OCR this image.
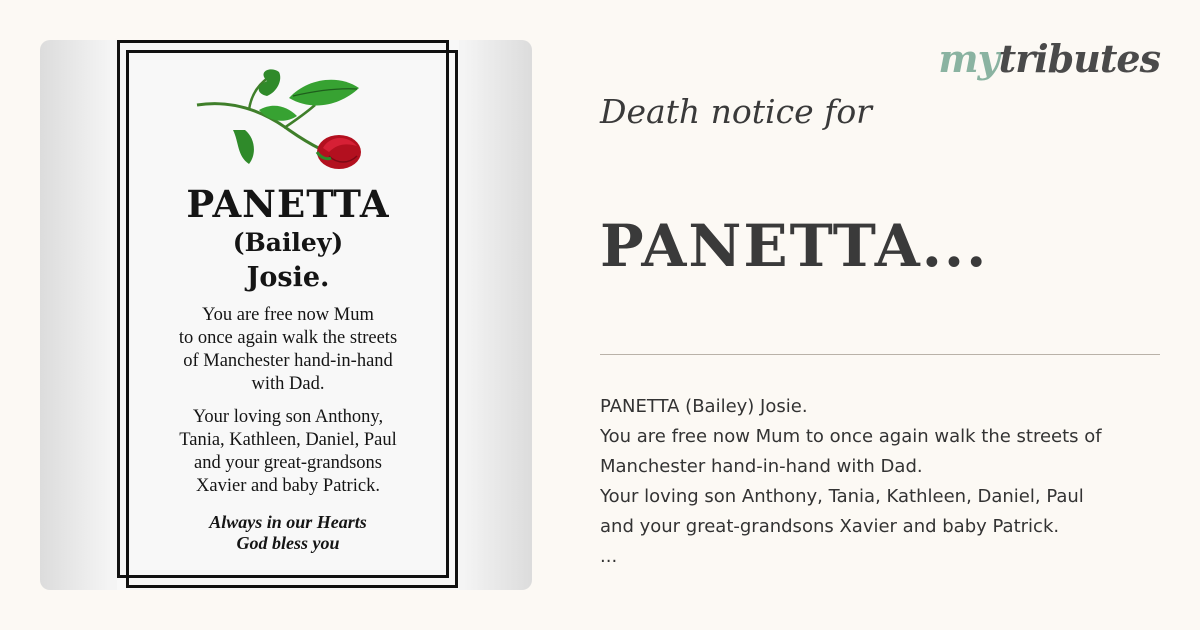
PANETTA
(Bailey)
Josie.
You are free now Mum
to once again walk the streets
of Manchester hand-in-hand
with Dad.
Your loving son Anthony,
Tania, Kathleen, Daniel, Paul
and your great-grandsons
Xavier and baby Patrick.
Always in our Hearts
God bless you
mytributes
Death notice for
PANETTA...
PANETTA (Bailey) Josie.
You are free now Mum to once again walk the streets of
Manchester hand-in-hand with Dad.
Your loving son Anthony, Tania, Kathleen, Daniel, Paul
and your great-grandsons Xavier and baby Patrick.
...
